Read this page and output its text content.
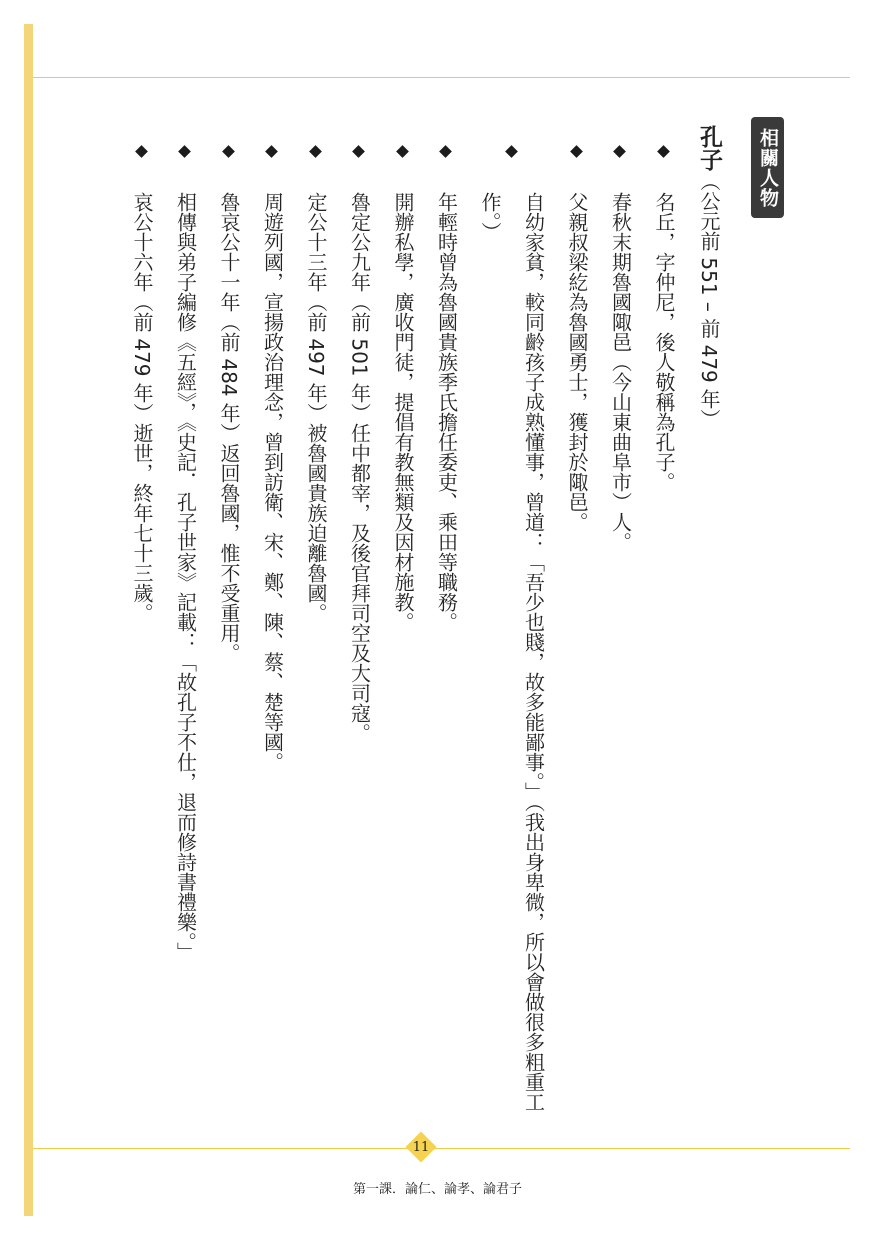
相關人物

孔子（公元前 551 – 前 479 年）

名丘，字仲尼，後人敬稱為孔子。
春秋末期魯國陬邑（今山東曲阜市）人。
父親叔梁紇為魯國勇士，獲封於陬邑。
自幼家貧，較同齡孩子成熟懂事，曾道：「吾少也賤，故多能鄙事。」（我出身卑微，所以會做很多粗重工作。）
年輕時曾為魯國貴族季氏擔任委吏、乘田等職務。
開辦私學，廣收門徒，提倡有教無類及因材施教。
魯定公九年（前 501 年）任中都宰，及後官拜司空及大司寇。
定公十三年（前 497 年）被魯國貴族迫離魯國。
周遊列國，宣揚政治理念，曾到訪衛、宋、鄭、陳、蔡、楚等國。
魯哀公十一年（前 484 年）返回魯國，惟不受重用。
相傳與弟子編修《五經》，《史記．孔子世家》記載：「故孔子不仕，退而修詩書禮樂。」
哀公十六年（前 479 年）逝世，終年七十三歲。
11
第一課．論仁、論孝、論君子
